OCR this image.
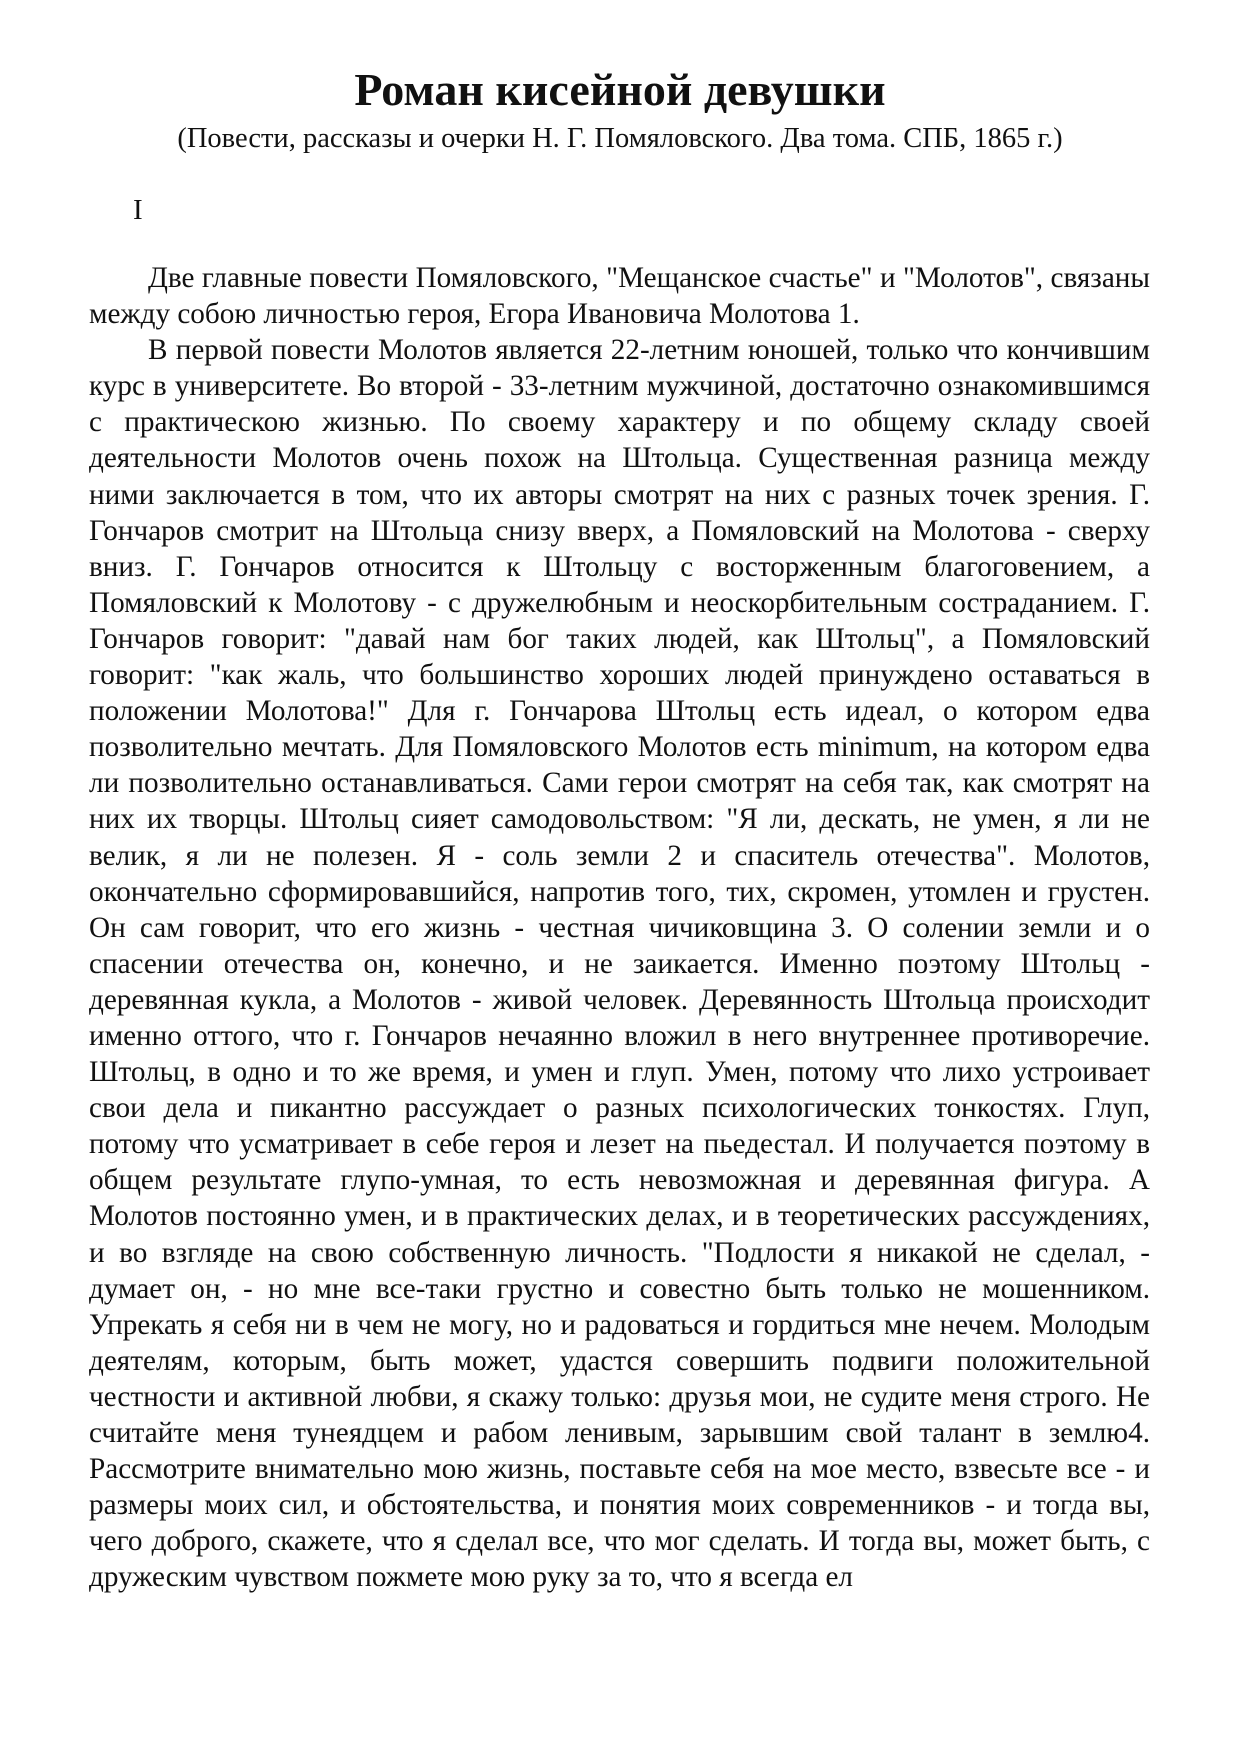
Роман кисейной девушки
(Повести, рассказы и очерки Н. Г. Помяловского. Два тома. СПБ, 1865 г.)
I

Две главные повести Помяловского, "Мещанское счастье" и "Молотов", связаны между собою личностью героя, Егора Ивановича Молотова 1.

В первой повести Молотов является 22-летним юношей, только что кончившим курс в университете. Во второй - 33-летним мужчиной, достаточно ознакомившимся с практическою жизнью. По своему характеру и по общему складу своей деятельности Молотов очень похож на Штольца. Существенная разница между ними заключается в том, что их авторы смотрят на них с разных точек зрения. Г. Гончаров смотрит на Штольца снизу вверх, а Помяловский на Молотова - сверху вниз. Г. Гончаров относится к Штольцу с восторженным благоговением, а Помяловский к Молотову - с дружелюбным и неоскорбительным состраданием. Г. Гончаров говорит: "давай нам бог таких людей, как Штольц", а Помяловский говорит: "как жаль, что большинство хороших людей принуждено оставаться в положении Молотова!" Для г. Гончарова Штольц есть идеал, о котором едва позволительно мечтать. Для Помяловского Молотов есть minimum, на котором едва ли позволительно останавливаться. Сами герои смотрят на себя так, как смотрят на них их творцы. Штольц сияет самодовольством: "Я ли, дескать, не умен, я ли не велик, я ли не полезен. Я - соль земли 2 и спаситель отечества". Молотов, окончательно сформировавшийся, напротив того, тих, скромен, утомлен и грустен. Он сам говорит, что его жизнь - честная чичиковщина 3. О солении земли и о спасении отечества он, конечно, и не заикается. Именно поэтому Штольц - деревянная кукла, а Молотов - живой человек. Деревянность Штольца происходит именно оттого, что г. Гончаров нечаянно вложил в него внутреннее противоречие. Штольц, в одно и то же время, и умен и глуп. Умен, потому что лихо устроивает свои дела и пикантно рассуждает о разных психологических тонкостях. Глуп, потому что усматривает в себе героя и лезет на пьедестал. И получается поэтому в общем результате глупо-умная, то есть невозможная и деревянная фигура. А Молотов постоянно умен, и в практических делах, и в теоретических рассуждениях, и во взгляде на свою собственную личность. "Подлости я никакой не сделал, - думает он, - но мне все-таки грустно и совестно быть только не мошенником. Упрекать я себя ни в чем не могу, но и радоваться и гордиться мне нечем. Молодым деятелям, которым, быть может, удастся совершить подвиги положительной честности и активной любви, я скажу только: друзья мои, не судите меня строго. Не считайте меня тунеядцем и рабом ленивым, зарывшим свой талант в землю4. Рассмотрите внимательно мою жизнь, поставьте себя на мое место, взвесьте все - и размеры моих сил, и обстоятельства, и понятия моих современников - и тогда вы, чего доброго, скажете, что я сделал все, что мог сделать. И тогда вы, может быть, с дружеским чувством пожмете мою руку за то, что я всегда ел
